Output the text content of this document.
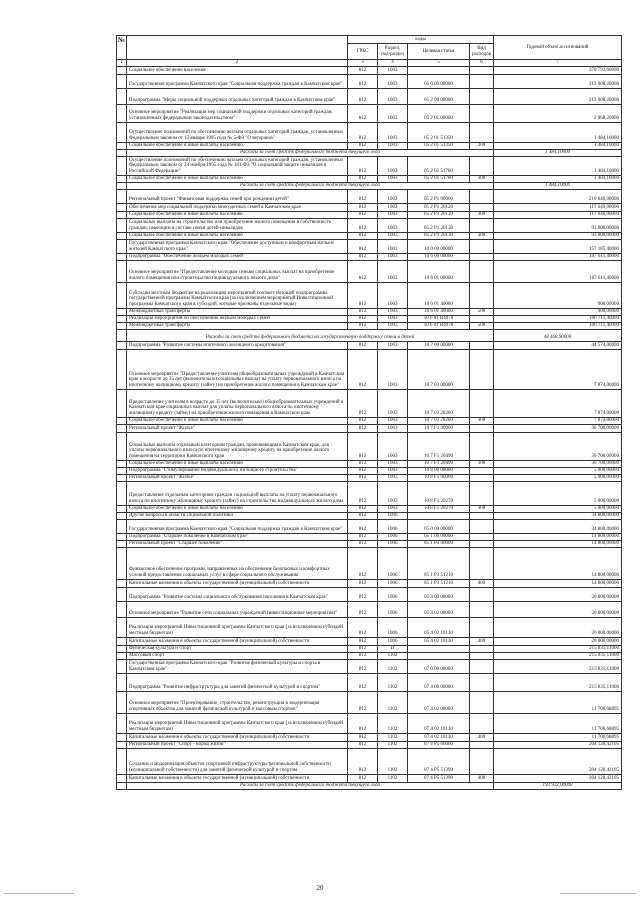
№
			коды				Годовой объем ассигнований
		ГРБС	Раздел, под-раздел	Целевая статья	Вид расходов	
1	2	3	4	5	6	7
	Социальное обеспечение населения	812	1003			370 793,60000
	Государственная программа Камчатского края "Социальная поддержка граждан в Камчатском крае"	812	1003	05 0 00 00000		313 608,20000
	Подпрограмма "Меры социальной поддержки отдельных категорий граждан в Камчатском крае"	812	1003	05 2 00 00000		213 608,20000
	Основное мероприятие "Реализация мер социальной поддержки отдельных категорий граждан, установленных федеральным законодательством"	812	1003	05 2 01 00000		2 968,20000
	Осуществление полномочий по обеспечению жильем отдельных категорий граждан, установленных Федеральным законом от 12 января 1995 года № 5-ФЗ "О ветеранах"	812	1003	05 2 01 51350		1 484,10000
	Социальное обеспечение и иные выплаты населению	812	1003	05 2 01 51350	300	1 484,10000
	Расходы за счет средств федерального бюджета текущего года					1 484,10000
	Осуществление полномочий по обеспечению жильем отдельных категорий граждан, установленных Федеральным законом от 24 ноября 1995 года № 181-ФЗ "О социальной защите инвалидов в Российской Федерации"	812	1003	05 2 01 51760		1 484,10000
	Социальное обеспечение и иные выплаты населению	812	1003	05 2 01 51760	300	1 484,10000
	Расходы за счет средств федерального бюджета текущего года					1 484,10000
	Региональный проект "Финансовая поддержка семей при рождении детей"	812	1003	05 2 P1 00000		210 640,00000
	Обеспечение мер социальной поддержки многодетных семей в Камчатском крае	812	1003	05 2 P1 20120		117 640,00000
	Социальное обеспечение и иные выплаты населению	812	1003	05 2 P1 20120	300	117 640,00000
	Социальные выплаты на строительство или приобретение жилого помещения в собственность граждан, имеющим в составе семьи детей-инвалидов	812	1003	05 2 P1 20130		93 000,00000
	Социальное обеспечение и иные выплаты населению	812	1003	05 2 P1 20130	300	93 000,00000
	Государственная программа Камчатского края "Обеспечение доступным и комфортным жильем жителей Камчатского края"	812	1003	10 0 00 00000		157 185,40000
	Подпрограмма "Обеспечение жильем молодых семей"	812	1003	10 6 00 00000		107 611,40000
	Основное мероприятие "Предоставление молодым семьям социальных выплат на приобретение жилого помещения или строительство индивидуального жилого дома"	812	1003	10 6 01 00000		107 611,40000
	Субсидии местным бюджетам на реализацию мероприятий соответствующей подпрограммы государственной программы Камчатского края (за исключением мероприятий Инвестиционной программы Камчатского края в субсидий, которые признаны отдельные виды)	812	1003	10 6 01 40060		900,00000
	Межбюджетные трансферты	812	1003	10 6 01 40060	500	900,00000
	Реализация мероприятий по обеспечению жильем молодых семей	812	1003	10 6 01 R4970		106 711,40000
	Межбюджетные трансферты	812	1003	10 6 01 R4970	500	106 711,40000
	Расходы за счет средств федерального бюджета на государственную поддержку семьи и детей					48 468,90000
	Подпрограмма "Развитие системы ипотечного жилищного кредитования"	812	1003	10 7 00 00000		44 574,00000
	Основное мероприятие "Предоставление учителям общеобразовательных учреждений в Камчатском крае в возрасте до 35 лет (включительно) социальных выплат на уплату первоначального взноса по ипотечному жилищному кредиту (займу) на приобретение жилого помещения в Камчатском крае"	812	1003	10 7 03 00000		7 874,00000
	Предоставление учителям в возрасте до 35 лет (включительно) общеобразовательных учреждений в Камчатском крае социальных выплат для уплаты первоначального взноса по ипотечному жилищному кредиту (займу) на приобретение жилого помещения в Камчатском крае	812	1003	10 7 03 20260		7 874,00000
	Социальное обеспечение и иные выплаты населению	812	1003	10 7 03 20260	300	7 874,00000
	Региональный проект "Жилье"	812	1003	10 7 F1 00000		36 700,00000
	Социальные выплаты отдельным категориям граждан, проживающим в Камчатском крае, для уплаты первоначального взноса по ипотечному жилищному кредиту на приобретение жилого помещения на территории Камчатского края	812	1003	10 7 F1 20490		36 700,00000
	Социальное обеспечение и иные выплаты населению	812	1003	10 7 F1 20490	300	36 700,00000
	Подпрограмма "Стимулирование индивидуального жилищного строительства"	812	1003	10 8 00 00000		5 000,00000
	Региональный проект "Жилье"	812	1003	10 8 F1 00000		5 000,00000
	Предоставление отдельным категориям граждан социальной выплаты на уплату первоначального взноса по ипотечному жилищному кредиту (займу) на строительство индивидуального жилого дома	812	1003	10 8 F1 20270		5 000,00000
	Социальное обеспечение и иные выплаты населению	812	1003	10 8 F1 20270	300	5 000,00000
	Другие вопросы в области социальной политики	812	1006			34 800,00000
	Государственная программа Камчатского края "Социальная поддержка граждан в Камчатском крае"	812	1006	05 0 00 00000		34 800,00000
	Подпрограмма "Старшее поколение в Камчатском крае"	812	1006	05 1 00 00000		14 800,00000
	Региональный проект "Старшее поколение"	812	1006	05 1 P3 00000		14 800,00000
	Финансовое обеспечение программ, направленных на обеспечение безопасных и комфортных условий предоставления социальных услуг в сфере социального обслуживания	812	1006	05 1 P3 51210		14 800,00000
	Капитальные вложения в объекты государственной (муниципальной) собственности	812	1006	05 1 P3 51210	400	14 800,00000
	Подпрограмма "Развитие системы социального обслуживания населения в Камчатском крае"	812	1006	05 4 00 00000		20 000,00000
	Основное мероприятие "Развитие сети социальных учреждений (инвестиционные мероприятия)"	812	1006	05 4 02 00000		20 000,00000
	Реализация мероприятий Инвестиционной программы Камчатского края (за исключением субсидий местным бюджетам)	812	1006	05 4 02 10130		20 000,00000
	Капитальные вложения в объекты государственной (муниципальной) собственности	812	1006	05 4 02 10130	400	20 000,00000
	Физическая культура и спорт	812	11			215 835,11000
	Массовый спорт	812	1102			215 835,11000
	Государственная программа Камчатского края "Развитие физической культуры и спорта в Камчатском крае"	812	1102	07 0 00 00000		215 835,11000
	Подпрограмма "Развитие инфраструктуры для занятий физической культурой и спортом"	812	1102	07 4 00 00000		215 835,11000
	Основное мероприятие "Проектирование, строительство, реконструкция и модернизация спортивных объектов для занятий физической культурой и массовым спортом"	812	1102	07 4 02 00000		11 706,68895
	Реализация мероприятий Инвестиционной программы Камчатского края (за исключением субсидий местным бюджетам)	812	1102	07 4 02 10130		11 706,68895
	Капитальные вложения в объекты государственной (муниципальной) собственности	812	1102	07 4 02 10130	400	11 706,68895
	Региональный проект "Спорт - норма жизни"	812	1102	07 4 P5 00000		204 128,42105
	Создание и модернизация объектов спортивной инфраструктуры региональной собственности (муниципальной собственности) для занятий физической культурой и спортом	812	1102	07 4 P5 51390		204 128,42105
	Капитальные вложения в объекты государственной (муниципальной) собственности	812	1102	07 4 P5 51390	400	204 128,42105
	Расходы за счет средств федерального бюджета текущего года					193 922,00000
20
